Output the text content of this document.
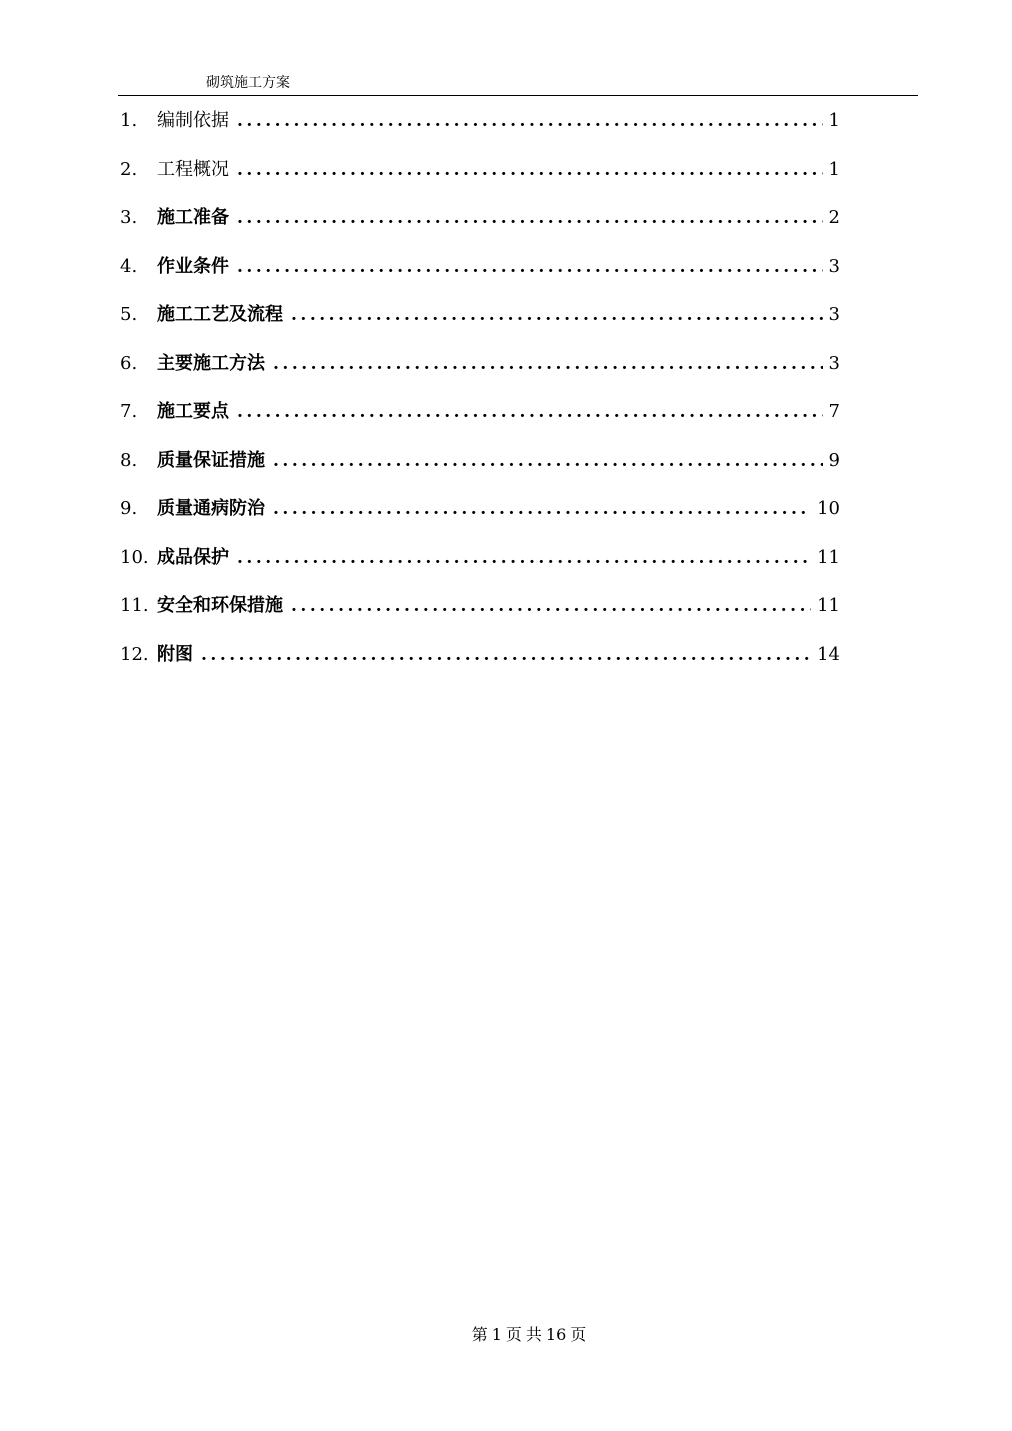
砌筑施工方案
1.	编制依据 .....	1
2.	工程概况 .....	1
3.	施工准备 .....	2
4.	作业条件 .....	3
5.	施工工艺及流程 .....	3
6.	主要施工方法 .....	3
7.	施工要点 .....	7
8.	质量保证措施 .....	9
9.	质量通病防治 .....	10
10. 成品保护 .....	11
11. 安全和环保措施 .....	11
12. 附图 .....	14
第 1 页 共 16 页
